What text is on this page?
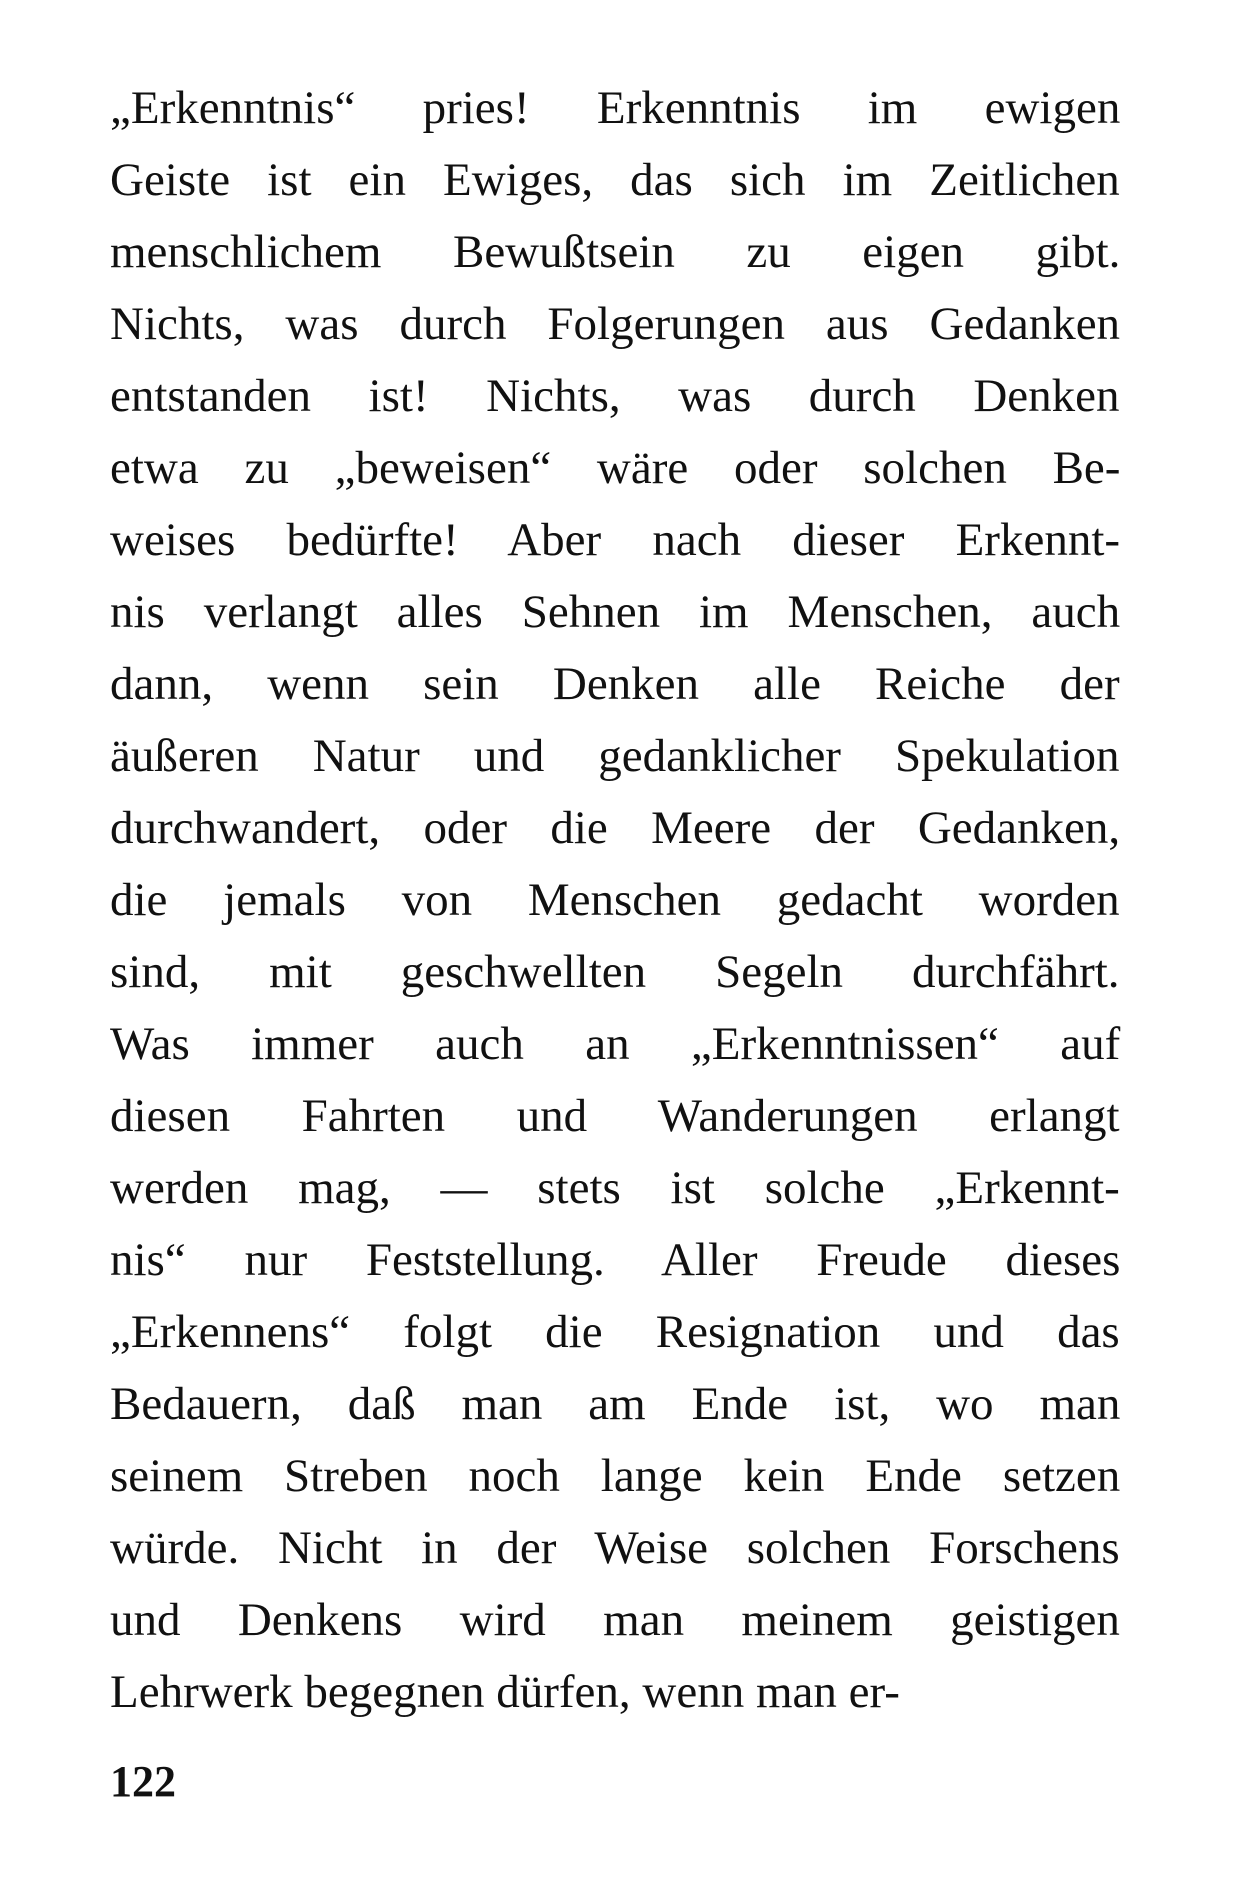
„Erkenntnis“ pries! Erkenntnis im ewigen
Geiste ist ein Ewiges, das sich im Zeitlichen
menschlichem Bewußtsein zu eigen gibt.
Nichts, was durch Folgerungen aus Gedanken
entstanden ist! Nichts, was durch Denken
etwa zu „beweisen“ wäre oder solchen Be-
weises bedürfte! Aber nach dieser Erkennt-
nis verlangt alles Sehnen im Menschen, auch
dann, wenn sein Denken alle Reiche der
äußeren Natur und gedanklicher Spekulation
durchwandert, oder die Meere der Gedanken,
die jemals von Menschen gedacht worden
sind, mit geschwellten Segeln durchfährt.
Was immer auch an „Erkenntnissen“ auf
diesen Fahrten und Wanderungen erlangt
werden mag, — stets ist solche „Erkennt-
nis“ nur Feststellung. Aller Freude dieses
„Erkennens“ folgt die Resignation und das
Bedauern, daß man am Ende ist, wo man
seinem Streben noch lange kein Ende setzen
würde. Nicht in der Weise solchen Forschens
und Denkens wird man meinem geistigen
Lehrwerk begegnen dürfen, wenn man er-
122
